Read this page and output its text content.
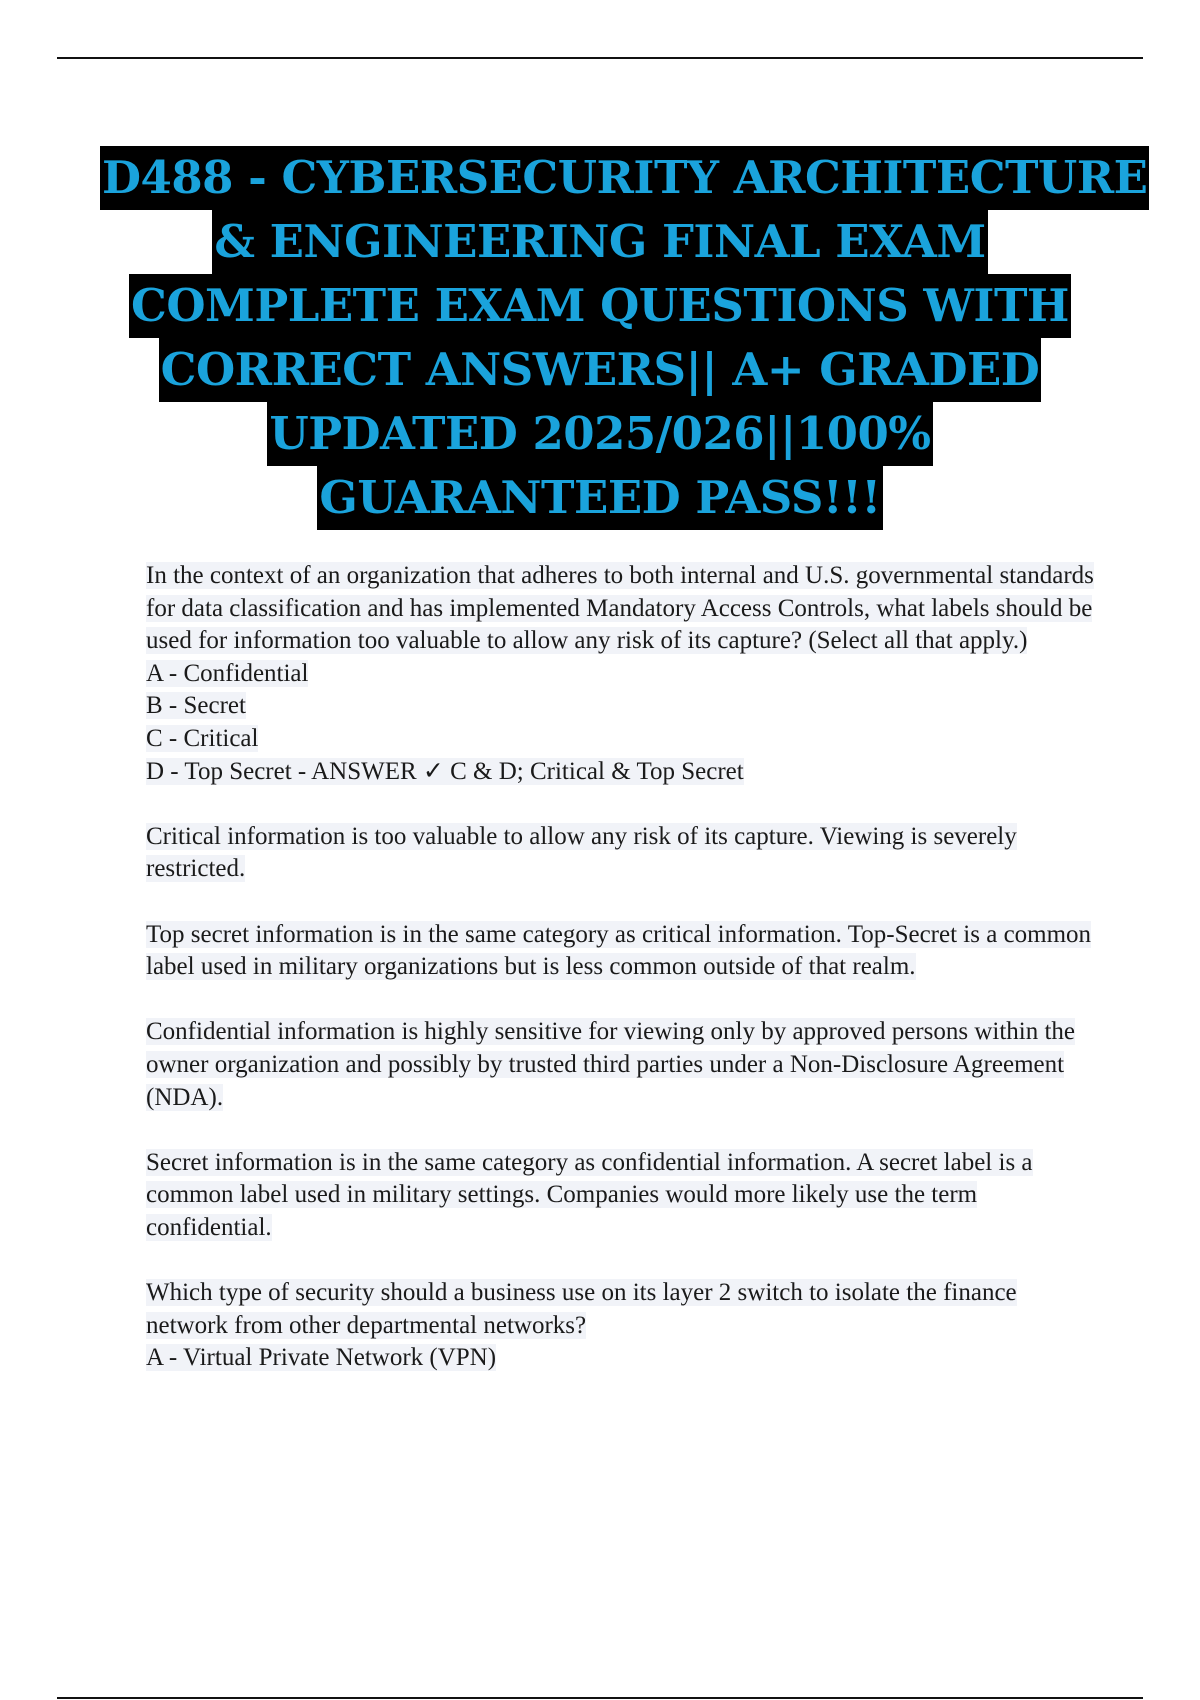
D488 - CYBERSECURITY ARCHITECTURE
& ENGINEERING FINAL EXAM
COMPLETE EXAM QUESTIONS WITH
CORRECT ANSWERS|| A+ GRADED
UPDATED 2025/026||100%
GUARANTEED PASS!!!

In the context of an organization that adheres to both internal and U.S. governmental standards for data classification and has implemented Mandatory Access Controls, what labels should be used for information too valuable to allow any risk of its capture? (Select all that apply.)
A - Confidential
B - Secret
C - Critical
D - Top Secret - ANSWER ✓ C & D; Critical & Top Secret

Critical information is too valuable to allow any risk of its capture. Viewing is severely restricted.

Top secret information is in the same category as critical information. Top-Secret is a common label used in military organizations but is less common outside of that realm.

Confidential information is highly sensitive for viewing only by approved persons within the owner organization and possibly by trusted third parties under a Non-Disclosure Agreement (NDA).

Secret information is in the same category as confidential information. A secret label is a common label used in military settings. Companies would more likely use the term confidential.

Which type of security should a business use on its layer 2 switch to isolate the finance network from other departmental networks?
A - Virtual Private Network (VPN)
